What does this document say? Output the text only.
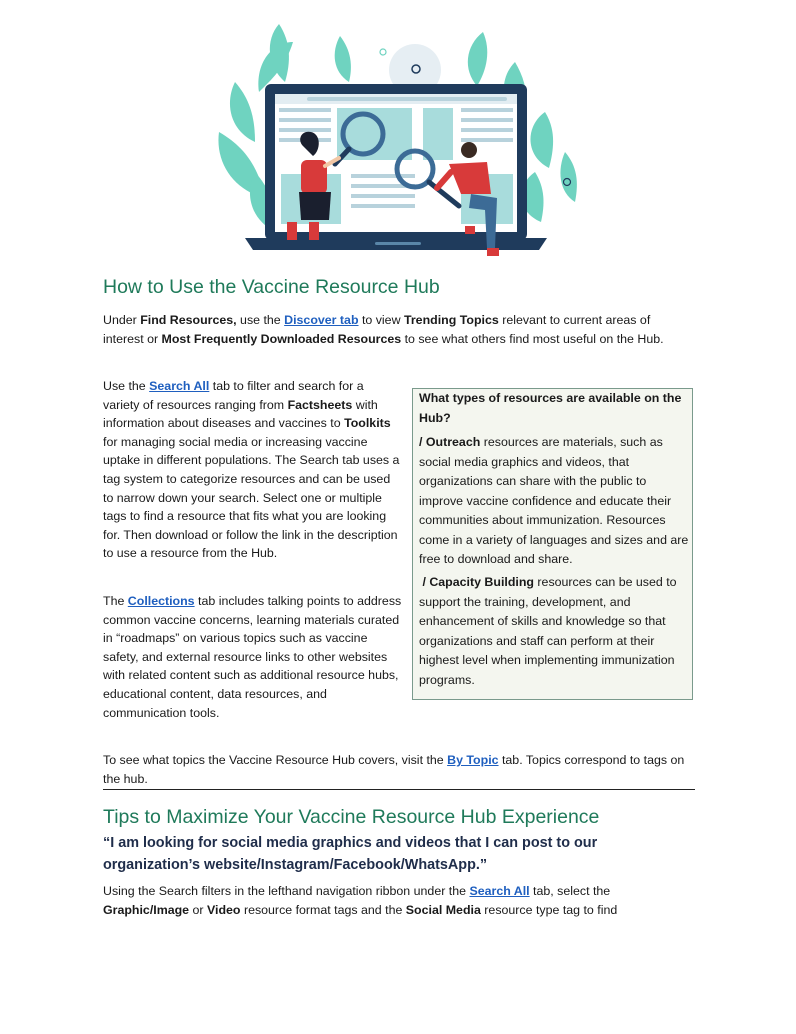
How to Use the Vaccine Resource Hub

Under Find Resources, use the Discover tab to view Trending Topics relevant to current areas of interest or Most Frequently Downloaded Resources to see what others find most useful on the Hub.

Use the Search All tab to filter and search for a variety of resources ranging from Factsheets with information about diseases and vaccines to Toolkits for managing social media or increasing vaccine uptake in different populations. The Search tab uses a tag system to categorize resources and can be used to narrow down your search. Select one or multiple tags to find a resource that fits what you are looking for. Then download or follow the link in the description to use a resource from the Hub.

The Collections tab includes talking points to address common vaccine concerns, learning materials curated in “roadmaps” on various topics such as vaccine safety, and external resource links to other websites with related content such as additional resource hubs, educational content, data resources, and communication tools.

What types of resources are available on the Hub?

/ Outreach resources are materials, such as social media graphics and videos, that organizations can share with the public to improve vaccine confidence and educate their communities about immunization. Resources come in a variety of languages and sizes and are free to download and share.

/ Capacity Building resources can be used to support the training, development, and enhancement of skills and knowledge so that organizations and staff can perform at their highest level when implementing immunization programs.

To see what topics the Vaccine Resource Hub covers, visit the By Topic tab. Topics correspond to tags on the hub.

Tips to Maximize Your Vaccine Resource Hub Experience

“I am looking for social media graphics and videos that I can post to our organization’s website/Instagram/Facebook/WhatsApp.”

Using the Search filters in the lefthand navigation ribbon under the Search All tab, select the Graphic/Image or Video resource format tags and the Social Media resource type tag to find
